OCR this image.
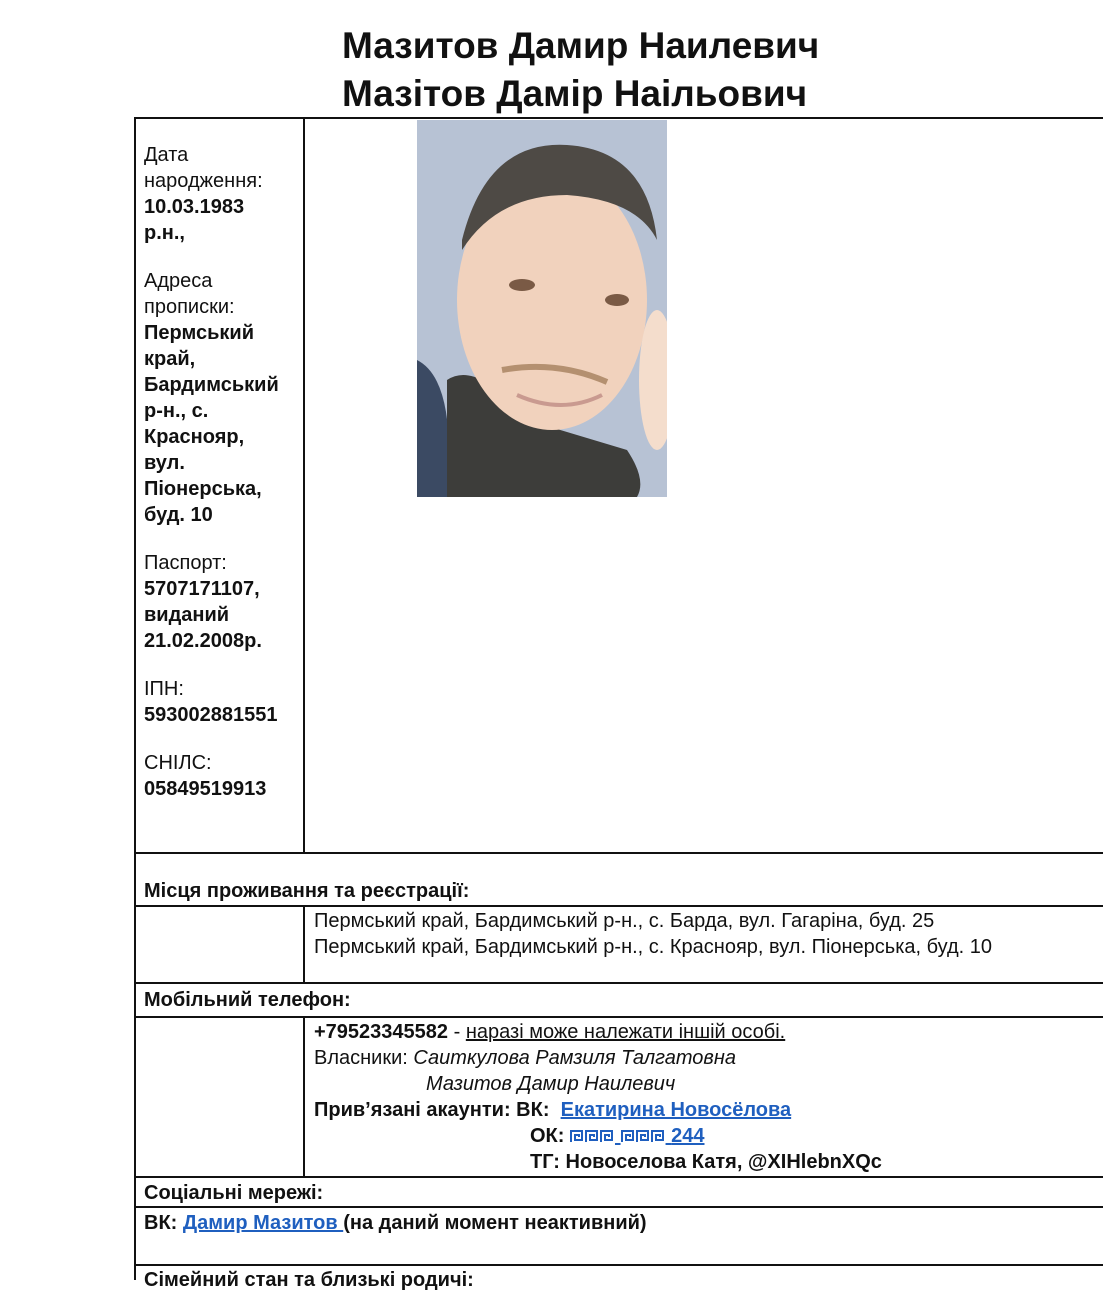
Мазитов Дамир Наилевич
Мазітов Дамір Наільович
Дата
народження:
10.03.1983
р.н.,
Адреса
прописки:
Пермський
край,
Бардимський
р-н., с.
Краснояр,
вул.
Піонерська,
буд. 10
Паспорт:
5707171107,
виданий
21.02.2008р.
ІПН:
593002881551
СНІЛС:
05849519913
Місця проживання та реєстрації:
Пермський край, Бардимський р-н., с. Барда, вул. Гагаріна, буд. 25
Пермський край, Бардимський р-н., с. Краснояр, вул. Піонерська, буд. 10
Мобільний телефон:
+79523345582 - наразі може належати іншій особі.
Власники: Саиткулова Рамзиля Талгатовна
Мазитов Дамир Наилевич
Прив’язані акаунти: ВК:  Екатирина Новосёлова
ОК:	244
ТГ: Новоселова Катя, @XIHlebnXQc
Соціальні мережі:
ВК: Дамир Мазитов (на даний момент неактивний)
Сімейний стан та близькі родичі:
